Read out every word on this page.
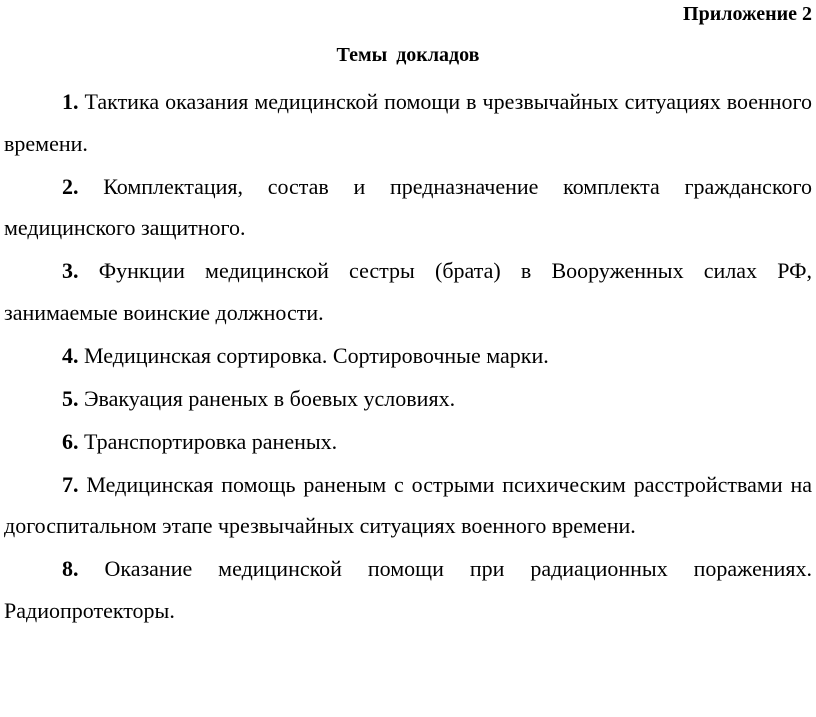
Приложение 2
Темы докладов

1. Тактика оказания медицинской помощи в чрезвычайных ситуациях военного времени.

2. Комплектация, состав и предназначение комплекта гражданского медицинского защитного.

3. Функции медицинской сестры (брата) в Вооруженных силах РФ, занимаемые воинские должности.

4. Медицинская сортировка. Сортировочные марки.

5. Эвакуация раненых в боевых условиях.

6. Транспортировка раненых.

7. Медицинская помощь раненым с острыми психическим расстройствами на догоспитальном этапе чрезвычайных ситуациях военного времени.

8. Оказание медицинской помощи при радиационных поражениях. Радиопротекторы.
